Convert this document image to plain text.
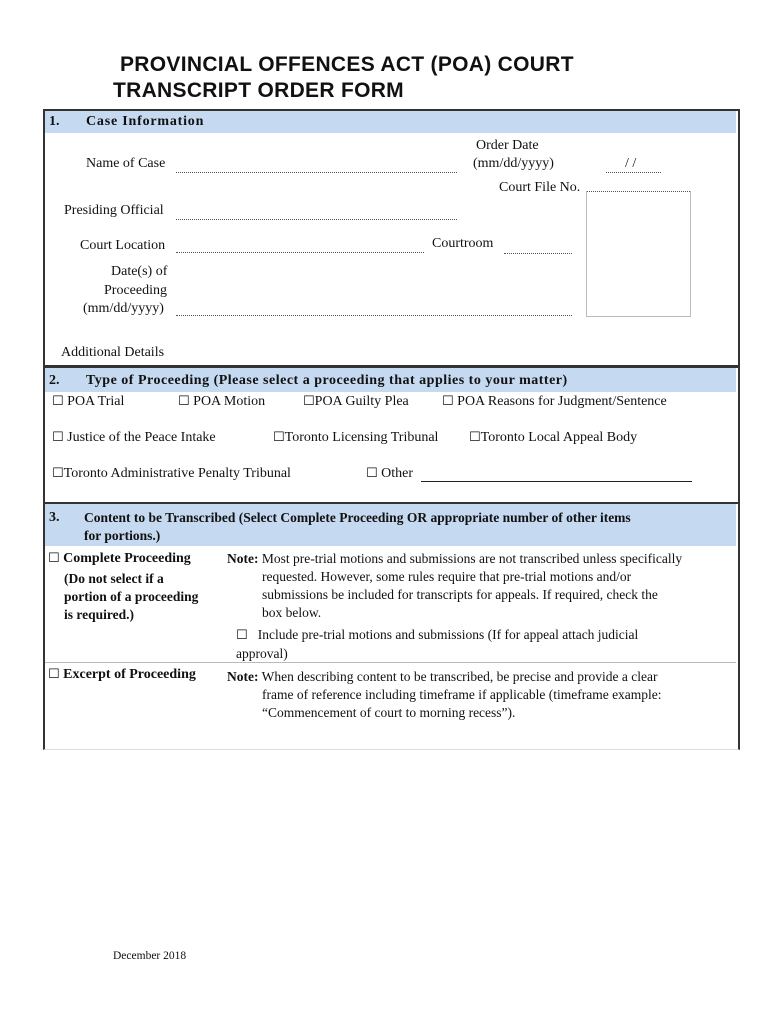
PROVINCIAL OFFENCES ACT (POA) COURT
TRANSCRIPT ORDER FORM
1. Case Information
Name of Case
Order Date
(mm/dd/yyyy)	/ /
Court File No.
Presiding Official
Court Location	Courtroom
Date(s) of
Proceeding
(mm/dd/yyyy)
Additional Details
2. Type of Proceeding (Please select a proceeding that applies to your matter)
☐ POA Trial	☐ POA Motion	☐POA Guilty Plea	☐ POA Reasons for Judgment/Sentence
☐ Justice of the Peace Intake	☐Toronto Licensing Tribunal ☐Toronto Local Appeal Body
☐Toronto Administrative Penalty Tribunal	☐ Other
3. Content to be Transcribed (Select Complete Proceeding OR appropriate number of other items
for portions.)
☐ Complete Proceeding
(Do not select if a
portion of a proceeding
is required.)
Note: Most pre-trial motions and submissions are not transcribed unless specifically
requested. However, some rules require that pre-trial motions and/or
submissions be included for transcripts for appeals. If required, check the
box below.
☐ Include pre-trial motions and submissions (If for appeal attach judicial
approval)
☐ Excerpt of Proceeding Note: When describing content to be transcribed, be precise and provide a clear
frame of reference including timeframe if applicable (timeframe example:
“Commencement of court to morning recess”).
December 2018
